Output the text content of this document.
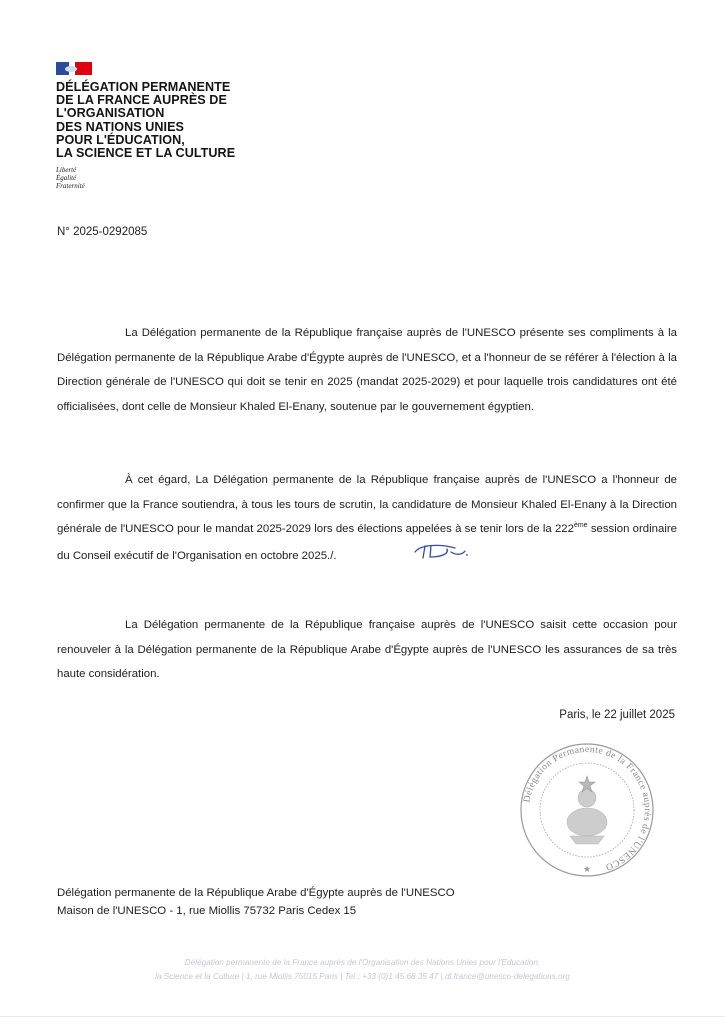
DÉLÉGATION PERMANENTE
DE LA FRANCE AUPRÈS DE
L'ORGANISATION
DES NATIONS UNIES
POUR L'ÉDUCATION,
LA SCIENCE ET LA CULTURE
Liberté
Égalité
Fraternité
N° 2025-0292085

La Délégation permanente de la République française auprès de l'UNESCO présente ses compliments à la Délégation permanente de la République Arabe d'Égypte auprès de l'UNESCO, et a l'honneur de se référer à l'élection à la Direction générale de l'UNESCO qui doit se tenir en 2025 (mandat 2025-2029) et pour laquelle trois candidatures ont été officialisées, dont celle de Monsieur Khaled El-Enany, soutenue par le gouvernement égyptien.

À cet égard, La Délégation permanente de la République française auprès de l'UNESCO a l'honneur de confirmer que la France soutiendra, à tous les tours de scrutin, la candidature de Monsieur Khaled El-Enany à la Direction générale de l'UNESCO pour le mandat 2025-2029 lors des élections appelées à se tenir lors de la 222ème session ordinaire du Conseil exécutif de l'Organisation en octobre 2025./.

La Délégation permanente de la République française auprès de l'UNESCO saisit cette occasion pour renouveler à la Délégation permanente de la République Arabe d'Égypte auprès de l'UNESCO les assurances de sa très haute considération.

Paris, le 22 juillet 2025
Délégation Permanente de la France auprès de l'UNESCO
★
Délégation permanente de la République Arabe d'Égypte auprès de l'UNESCO
Maison de l'UNESCO - 1, rue Miollis 75732 Paris Cedex 15
Délégation permanente de la France auprès de l'Organisation des Nations Unies pour l'Education,
la Science et la Culture | 1, rue Miollis 75015 Paris | Tel.: +33 (0)1 45 68 35 47 | dl.france@unesco-delegations.org
